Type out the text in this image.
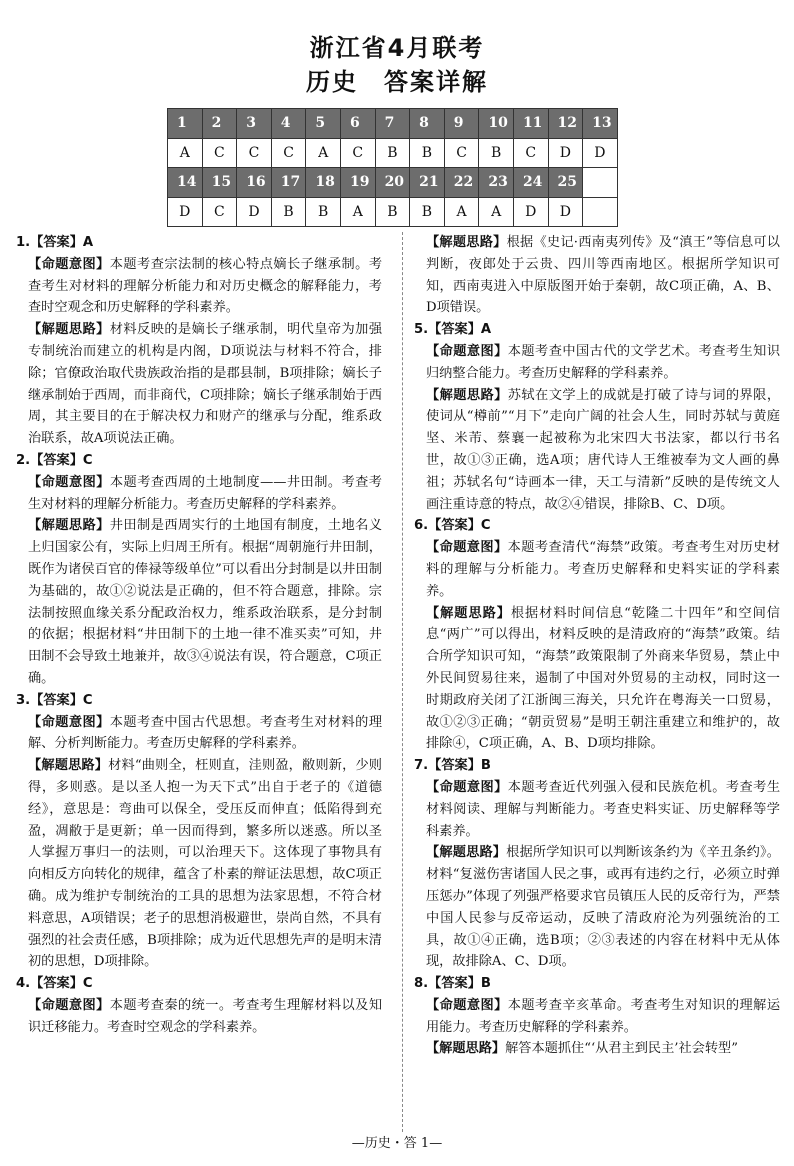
浙江省4月联考
历史　答案详解
1	2	3	4	5	6	7	8	9	10	11	12	13
A	C	C	C	A	C	B	B	C	B	C	D	D
14	15	16	17	18	19	20	21	22	23	24	25	
D	C	D	B	B	A	B	B	A	A	D	D	

1.【答案】A

【命题意图】本题考查宗法制的核心特点嫡长子继承制。考查考生对材料的理解分析能力和对历史概念的解释能力，考查时空观念和历史解释的学科素养。

【解题思路】材料反映的是嫡长子继承制，明代皇帝为加强专制统治而建立的机构是内阁，D项说法与材料不符合，排除；官僚政治取代贵族政治指的是郡县制，B项排除；嫡长子继承制始于西周，而非商代，C项排除；嫡长子继承制始于西周，其主要目的在于解决权力和财产的继承与分配，维系政治联系，故A项说法正确。

2.【答案】C

【命题意图】本题考查西周的土地制度——井田制。考查考生对材料的理解分析能力。考查历史解释的学科素养。

【解题思路】井田制是西周实行的土地国有制度，土地名义上归国家公有，实际上归周王所有。根据“周朝施行井田制，既作为诸侯百官的俸禄等级单位”可以看出分封制是以井田制为基础的，故①②说法是正确的，但不符合题意，排除。宗法制按照血缘关系分配政治权力，维系政治联系，是分封制的依据；根据材料“井田制下的土地一律不准买卖”可知，井田制不会导致土地兼并，故③④说法有误，符合题意，C项正确。

3.【答案】C

【命题意图】本题考查中国古代思想。考查考生对材料的理解、分析判断能力。考查历史解释的学科素养。

【解题思路】材料“曲则全，枉则直，洼则盈，敝则新，少则得，多则惑。是以圣人抱一为天下式”出自于老子的《道德经》，意思是：弯曲可以保全，受压反而伸直；低陷得到充盈，凋敝于是更新；单一因而得到，繁多所以迷惑。所以圣人掌握万事归一的法则，可以治理天下。这体现了事物具有向相反方向转化的规律，蕴含了朴素的辩证法思想，故C项正确。成为维护专制统治的工具的思想为法家思想，不符合材料意思，A项错误；老子的思想消极避世，崇尚自然，不具有强烈的社会责任感，B项排除；成为近代思想先声的是明末清初的思想，D项排除。

4.【答案】C

【命题意图】本题考查秦的统一。考查考生理解材料以及知识迁移能力。考查时空观念的学科素养。

【解题思路】根据《史记·西南夷列传》及“滇王”等信息可以判断，夜郎处于云贵、四川等西南地区。根据所学知识可知，西南夷进入中原版图开始于秦朝，故C项正确，A、B、D项错误。

5.【答案】A

【命题意图】本题考查中国古代的文学艺术。考查考生知识归纳整合能力。考查历史解释的学科素养。

【解题思路】苏轼在文学上的成就是打破了诗与词的界限，使词从“樽前”“月下”走向广阔的社会人生，同时苏轼与黄庭坚、米芾、蔡襄一起被称为北宋四大书法家，都以行书名世，故①③正确，选A项；唐代诗人王维被奉为文人画的鼻祖；苏轼名句“诗画本一律，天工与清新”反映的是传统文人画注重诗意的特点，故②④错误，排除B、C、D项。

6.【答案】C

【命题意图】本题考查清代“海禁”政策。考查考生对历史材料的理解与分析能力。考查历史解释和史料实证的学科素养。

【解题思路】根据材料时间信息“乾隆二十四年”和空间信息“两广”可以得出，材料反映的是清政府的“海禁”政策。结合所学知识可知，“海禁”政策限制了外商来华贸易，禁止中外民间贸易往来，遏制了中国对外贸易的主动权，同时这一时期政府关闭了江浙闽三海关，只允许在粤海关一口贸易，故①②③正确；“朝贡贸易”是明王朝注重建立和维护的，故排除④，C项正确，A、B、D项均排除。

7.【答案】B

【命题意图】本题考查近代列强入侵和民族危机。考查考生材料阅读、理解与判断能力。考查史料实证、历史解释等学科素养。

【解题思路】根据所学知识可以判断该条约为《辛丑条约》。材料“复滋伤害诸国人民之事，或再有违约之行，必须立时弹压惩办”体现了列强严格要求官员镇压人民的反帝行为，严禁中国人民参与反帝运动，反映了清政府沦为列强统治的工具，故①④正确，选B项；②③表述的内容在材料中无从体现，故排除A、C、D项。

8.【答案】B

【命题意图】本题考查辛亥革命。考查考生对知识的理解运用能力。考查历史解释的学科素养。

【解题思路】解答本题抓住“‘从君主到民主’社会转型”

—历史・答 1—
